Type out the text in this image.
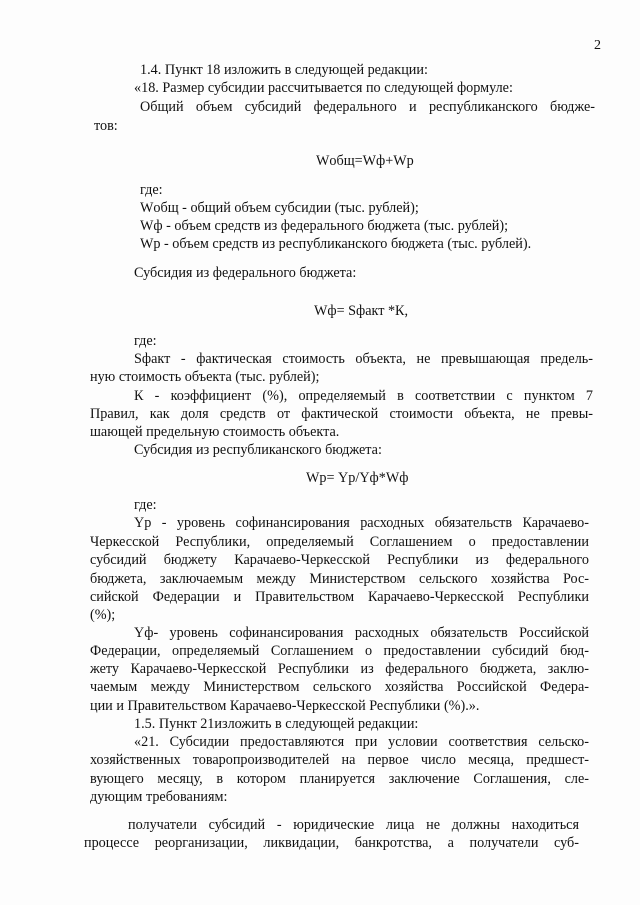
2
1.4. Пункт 18 изложить в следующей редакции:
«18. Размер субсидии рассчитывается по следующей формуле:
Общий объем субсидий федерального и республиканского бюдже-
тов:
Wобщ=Wф+Wр
где:
Wобщ - общий объем субсидии (тыс. рублей);
Wф - объем средств из федерального бюджета (тыс. рублей);
Wр - объем средств из республиканского бюджета (тыс. рублей).
Субсидия из федерального бюджета:
Wф= Sфакт *К,
где:
Sфакт - фактическая стоимость объекта, не превышающая предель-
ную стоимость объекта (тыс. рублей);
К - коэффициент (%), определяемый в соответствии с пунктом 7
Правил, как доля средств от фактической стоимости объекта, не превы-
шающей предельную стоимость объекта.
Субсидия из республиканского бюджета:
Wр= Yр/Yф*Wф
где:
Yр - уровень софинансирования расходных обязательств Карачаево-
Черкесской Республики, определяемый Соглашением о предоставлении
субсидий бюджету Карачаево-Черкесской Республики из федерального
бюджета, заключаемым между Министерством сельского хозяйства Рос-
сийской Федерации и Правительством Карачаево-Черкесской Республики
(%);
Yф- уровень софинансирования расходных обязательств Российской
Федерации, определяемый Соглашением о предоставлении субсидий бюд-
жету Карачаево-Черкесской Республики из федерального бюджета, заклю-
чаемым между Министерством сельского хозяйства Российской Федера-
ции и Правительством Карачаево-Черкесской Республики (%).».
1.5. Пункт 21изложить в следующей редакции:
«21. Субсидии предоставляются при условии соответствия сельско-
хозяйственных товаропроизводителей на первое число месяца, предшест-
вующего месяцу, в котором планируется заключение Соглашения, сле-
дующим требованиям:
получатели субсидий - юридические лица не должны находиться
процессе реорганизации, ликвидации, банкротства, а получатели суб-
